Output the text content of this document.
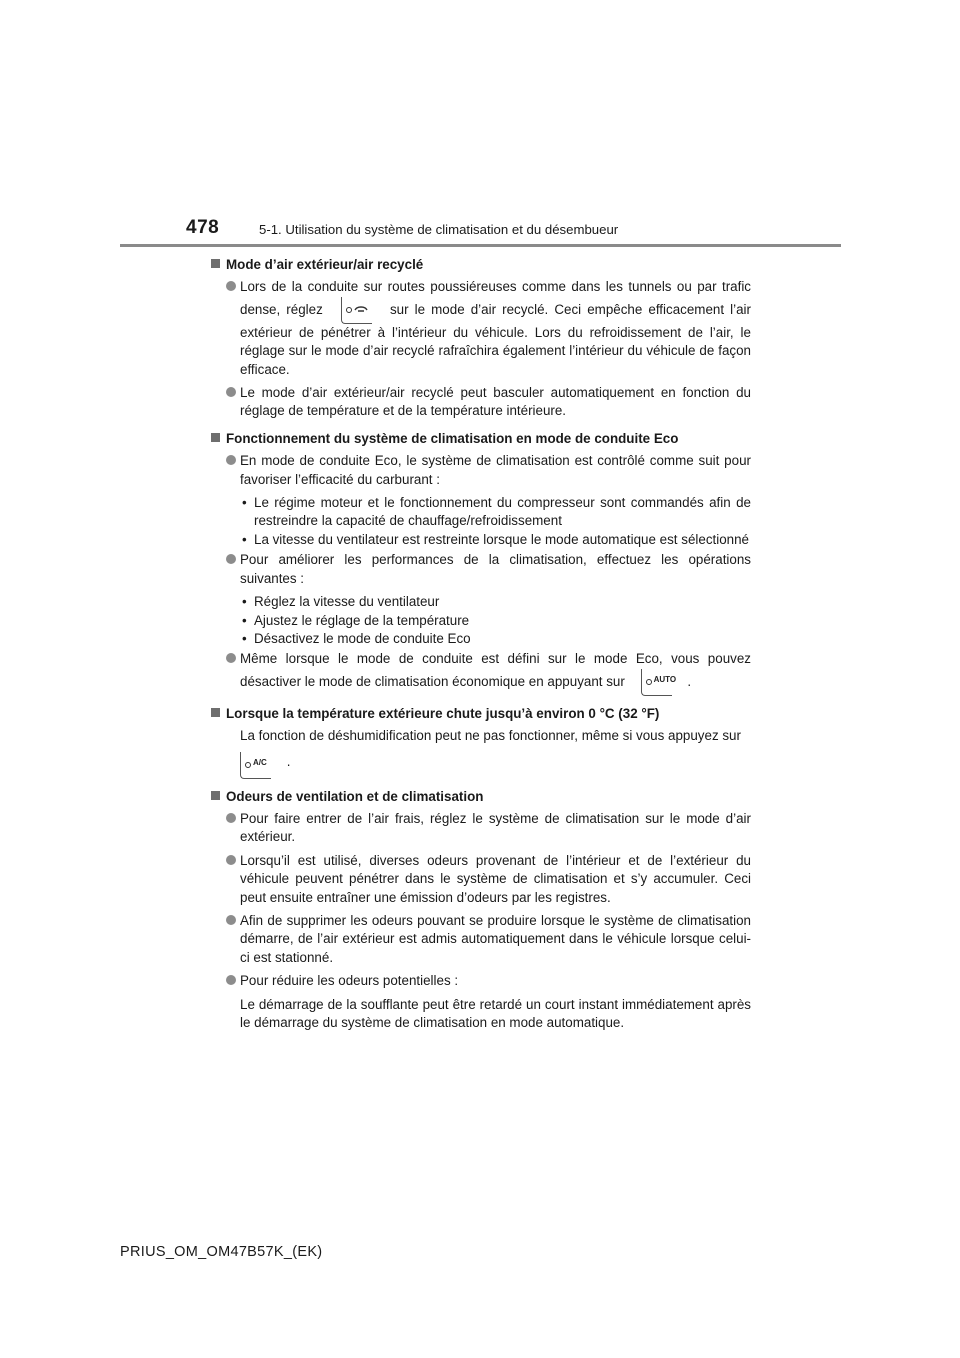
478	5-1. Utilisation du système de climatisation et du désembueur
Mode d’air extérieur/air recyclé
Lors de la conduite sur routes poussiéreuses comme dans les tunnels ou par trafic dense, réglez	sur le mode d’air recyclé. Ceci empêche efficacement l’air extérieur de pénétrer à l’intérieur du véhicule. Lors du refroidissement de l’air, le réglage sur le mode d’air recyclé rafraîchira également l’intérieur du véhicule de façon efficace.
Le mode d’air extérieur/air recyclé peut basculer automatiquement en fonction du réglage de température et de la température intérieure.
Fonctionnement du système de climatisation en mode de conduite Eco
En mode de conduite Eco, le système de climatisation est contrôlé comme suit pour favoriser l’efficacité du carburant :
• Le régime moteur et le fonctionnement du compresseur sont commandés afin de restreindre la capacité de chauffage/refroidissement
• La vitesse du ventilateur est restreinte lorsque le mode automatique est sélectionné
Pour améliorer les performances de la climatisation, effectuez les opérations suivantes :
• Réglez la vitesse du ventilateur
• Ajustez le réglage de la température
• Désactivez le mode de conduite Eco
Même lorsque le mode de conduite est défini sur le mode Eco, vous pouvez désactiver le mode de climatisation économique en appuyant sur	AUTO .
Lorsque la température extérieure chute jusqu’à environ 0 °C (32 °F)
La fonction de déshumidification peut ne pas fonctionner, même si vous appuyez sur

A/C .
Odeurs de ventilation et de climatisation
Pour faire entrer de l’air frais, réglez le système de climatisation sur le mode d’air extérieur.
Lorsqu’il est utilisé, diverses odeurs provenant de l’intérieur et de l’extérieur du véhicule peuvent pénétrer dans le système de climatisation et s’y accumuler. Ceci peut ensuite entraîner une émission d’odeurs par les registres.
Afin de supprimer les odeurs pouvant se produire lorsque le système de climatisation démarre, de l’air extérieur est admis automatiquement dans le véhicule lorsque celui-ci est stationné.
Pour réduire les odeurs potentielles :
Le démarrage de la soufflante peut être retardé un court instant immédiatement après le démarrage du système de climatisation en mode automatique.
PRIUS_OM_OM47B57K_(EK)
